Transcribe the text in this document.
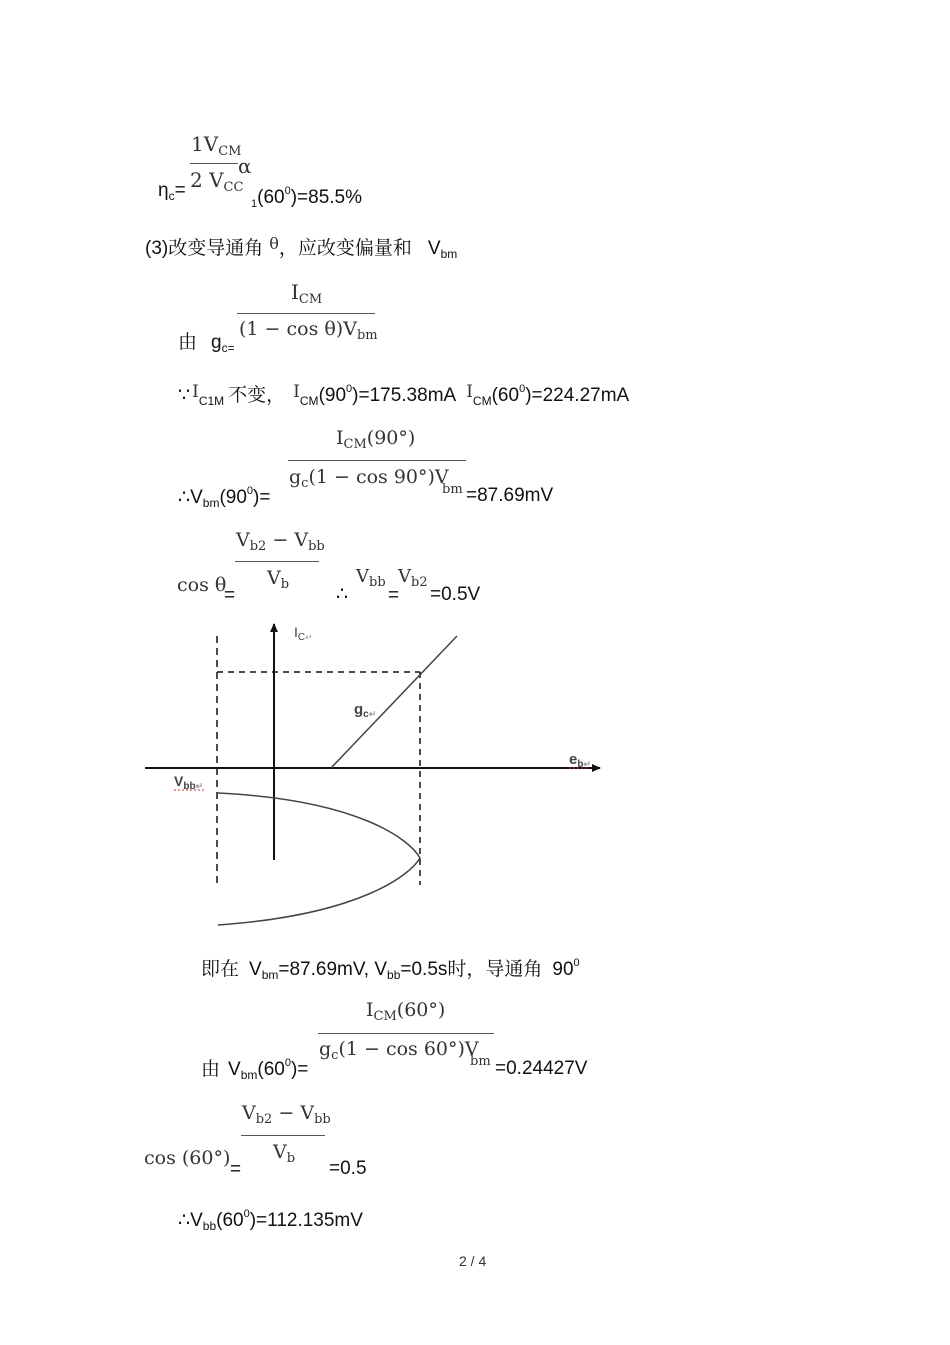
$1V_{CM}$
2 $V_{CC}$
α
$\eta_c=$
$_1(60^0)=85.5\%$
(3)改变导通角 $^\theta$，应改变偏量和 $V_{bm}$
$I_{CM}$
$(1 - \cos \theta)V_{bm}$
由 $g_{c=}$
∵ $I_{C1M}$ 不变， $I_{CM}(90^0)=175.38mA$ $I_{CM}(60^0)=224.27mA$
$I_{CM}(90^\circ)$
$g_c(1 - \cos 90^\circ)V$
bm
$\therefore V_{bm}(90^0)=$	=87.69mV
$V_{b2} - V_{bb}$
$V_b$
cos θ
=	∴
$V_{bb}$
=
$V_{b2}$
=0.5V
$I_C↵$
$g_c↵$
$e_b↵$
$V_{bb}↵$
即在 $V_{bm}=87.69mV$, $V_{bb}=0.5s$时，导通角 $90^0$
$I_{CM}(60^\circ)$
$g_c(1 - \cos 60^\circ)V$
bm
由 $V_{bm}(60^0)=$	=0.24427V
$V_{b2} - V_{bb}$
$V_b$
cos (60°)
=	=0.5
$\therefore V_{bb}(60^0)=112.135mV$
2 / 4
